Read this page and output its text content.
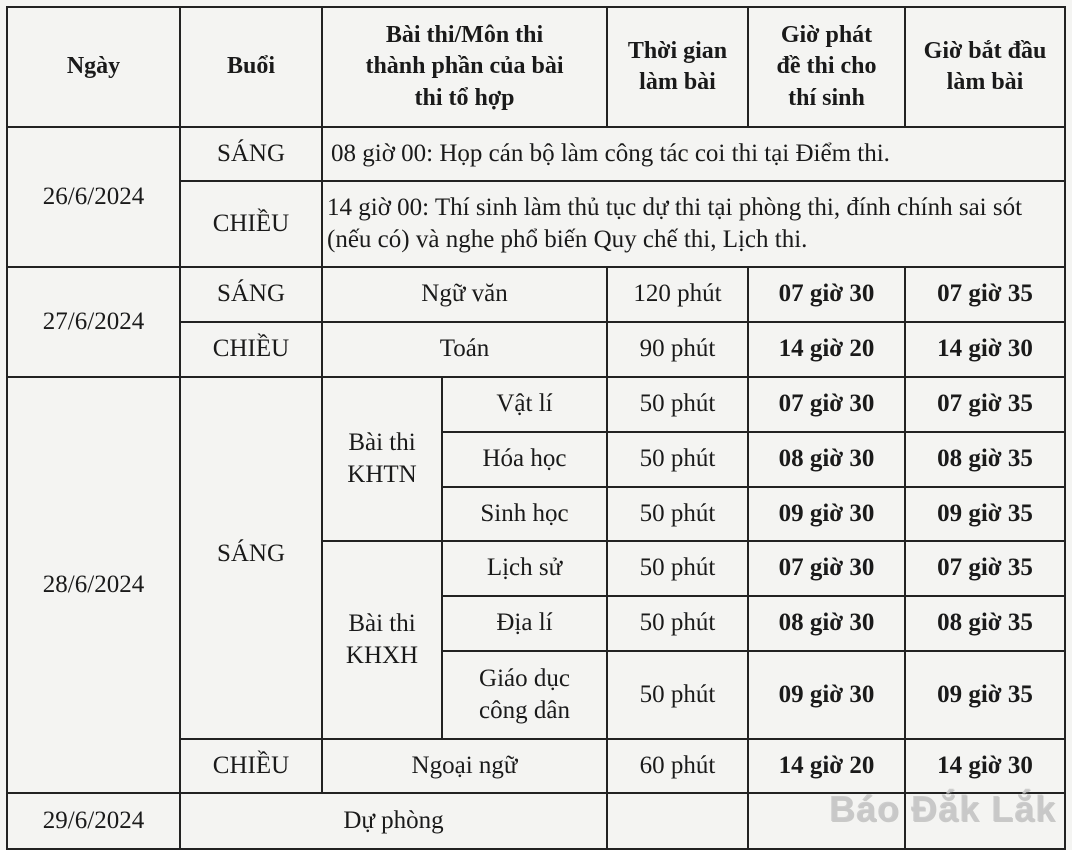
Ngày	Buổi	Bài thi/Môn thi thành phần của bài thi tổ hợp		Thời gian làm bài	Giờ phát đề thi cho thí sinh	Giờ bắt đầu làm bài
26/6/2024	SÁNG	08 giờ 00: Họp cán bộ làm công tác coi thi tại Điểm thi.				
	CHIỀU	14 giờ 00: Thí sinh làm thủ tục dự thi tại phòng thi, đính chính sai sót (nếu có) và nghe phổ biến Quy chế thi, Lịch thi.				
27/6/2024	SÁNG	Ngữ văn		120 phút	07 giờ 30	07 giờ 35
	CHIỀU	Toán		90 phút	14 giờ 20	14 giờ 30
28/6/2024	SÁNG	Bài thi KHTN	Vật lí	50 phút	07 giờ 30	07 giờ 35
			Hóa học	50 phút	08 giờ 30	08 giờ 35
			Sinh học	50 phút	09 giờ 30	09 giờ 35
		Bài thi KHXH	Lịch sử	50 phút	07 giờ 30	07 giờ 35
			Địa lí	50 phút	08 giờ 30	08 giờ 35
			Giáo dục công dân	50 phút	09 giờ 30	09 giờ 35
	CHIỀU	Ngoại ngữ		60 phút	14 giờ 20	14 giờ 30
29/6/2024	Dự phòng						Báo Đắk Lắk
